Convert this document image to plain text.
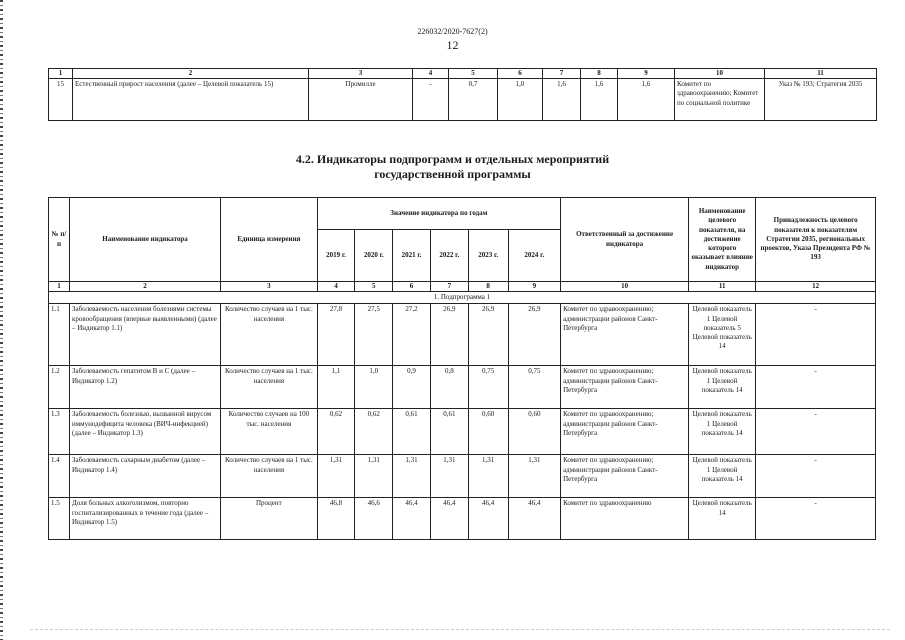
226032/2020-7627(2)
12
1	2	3	4	5	6	7	8	9	10	11
15	Естественный прирост населения (далее – Целевой показатель 15)	Промилле	-	0,7	1,0	1,6	1,6	1,6	Комитет по здравоохранению; Комитет по социальной политике	Указ № 193; Стратегия 2035
4.2. Индикаторы подпрограмм и отдельных мероприятий
государственной программы
№ п/п	Наименование индикатора	Единица измерения	Значение индикатора по годам						Ответственный за достижение индикатора	Наименование целевого показателя, на достижение которого оказывает влияние индикатор	Принадлежность целевого показателя к показателям Стратегии 2035, региональных проектов, Указа Президента РФ № 193
			2019 г.	2020 г.	2021 г.	2022 г.	2023 г.	2024 г.			
1	2	3	4	5	6	7	8	9	10	11	12
1. Подпрограмма 1											
1.1	Заболеваемость населения болезнями системы кровообращения (впервые выявленными) (далее – Индикатор 1.1)	Количество случаев на 1 тыс. населения	27,8	27,5	27,2	26,9	26,9	26,9	Комитет по здравоохранению; администрации районов Санкт-Петербурга	Целевой показатель 1 Целевой показатель 5 Целевой показатель 14	-
1.2	Заболеваемость гепатитом В и С (далее – Индикатор 1.2)	Количество случаев на 1 тыс. населения	1,1	1,0	0,9	0,8	0,75	0,75	Комитет по здравоохранению; администрации районов Санкт-Петербурга	Целевой показатель 1 Целевой показатель 14	-
1.3	Заболеваемость болезнью, вызванной вирусом иммунодефицита человека (ВИЧ-инфекцией) (далее – Индикатор 1.3)	Количество случаев на 100 тыс. населения	0,62	0,62	0,61	0,61	0,60	0,60	Комитет по здравоохранению; администрации районов Санкт-Петербурга	Целевой показатель 1 Целевой показатель 14	-
1.4	Заболеваемость сахарным диабетом (далее – Индикатор 1.4)	Количество случаев на 1 тыс. населения	1,31	1,31	1,31	1,31	1,31	1,31	Комитет по здравоохранению; администрации районов Санкт-Петербурга	Целевой показатель 1 Целевой показатель 14	-
1.5	Доля больных алкоголизмом, повторно госпитализированных в течение года (далее – Индикатор 1.5)	Процент	46,8	46,6	46,4	46,4	46,4	46,4	Комитет по здравоохранению	Целевой показатель 14	-
